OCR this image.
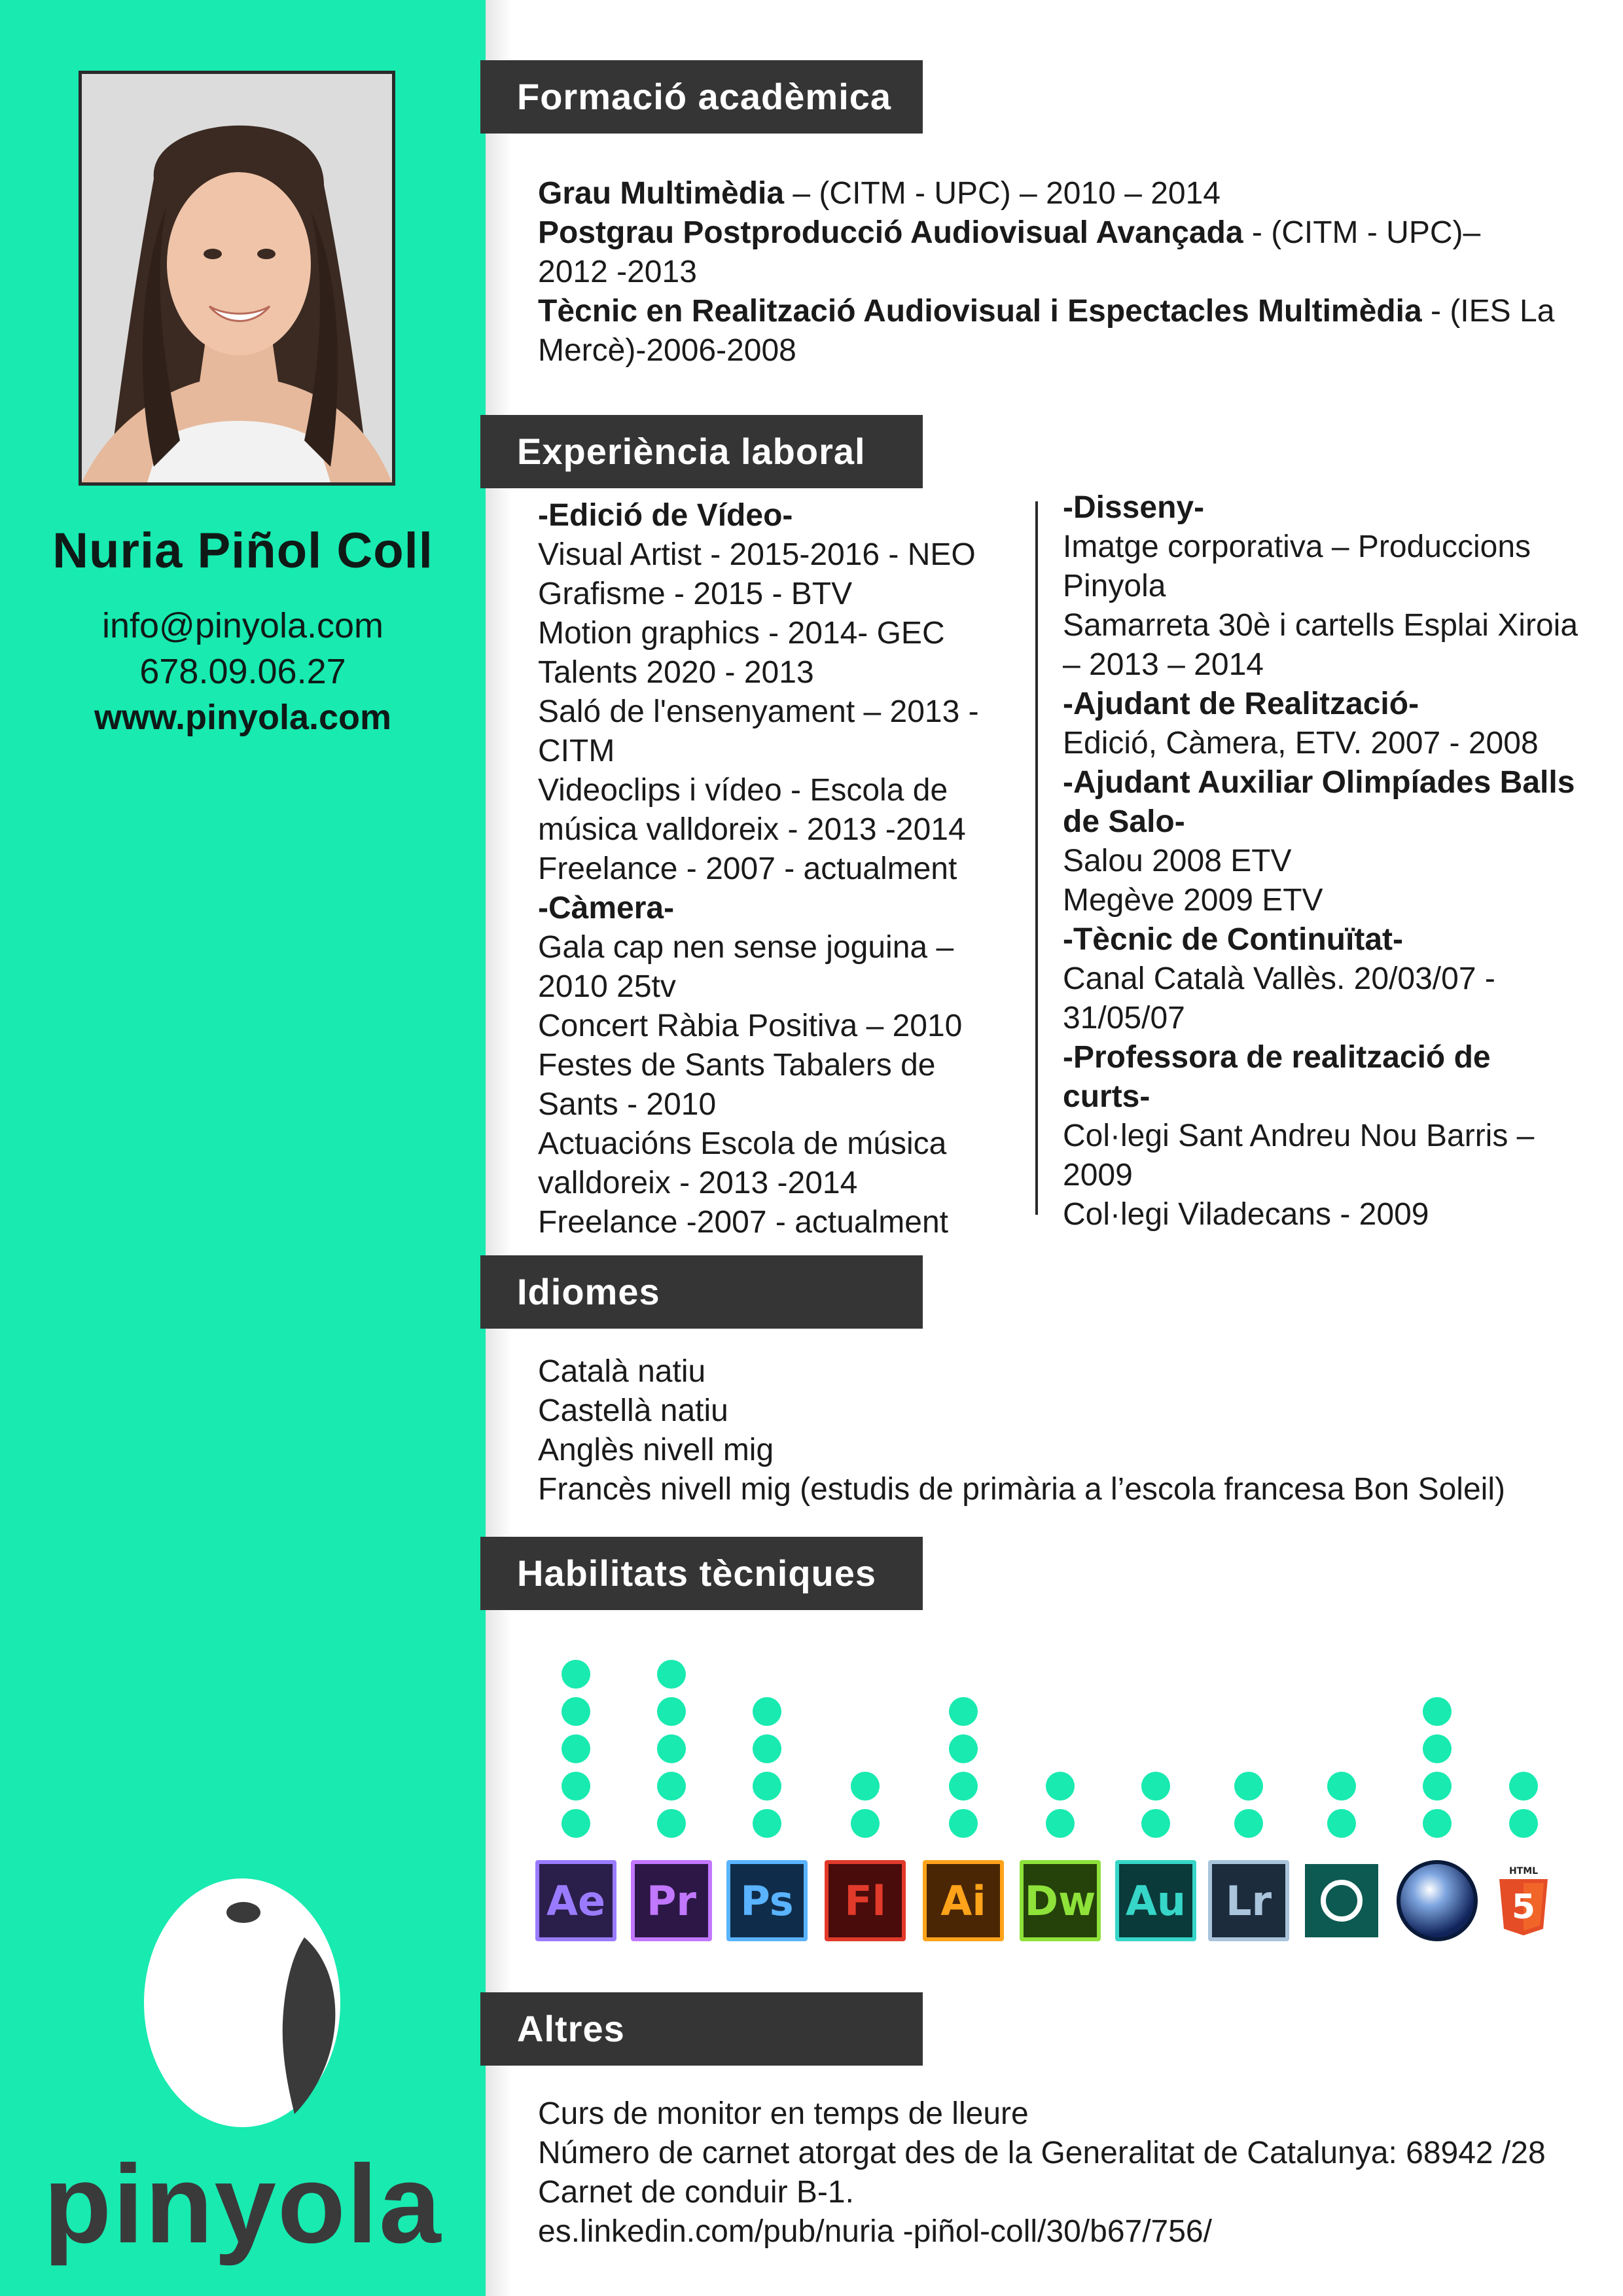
Nuria Piñol Coll
info@pinyola.com
678.09.06.27
www.pinyola.com
pinyola
Formació acadèmica

Grau Multimèdia – (CITM - UPC) – 2010 – 2014

Postgrau Postproducció Audiovisual Avançada - (CITM - UPC)– 2012 -2013

Tècnic en Realització Audiovisual i Espectacles Multimèdia - (IES La Mercè)-2006-2008

Experiència laboral

-Edició de Vídeo-

Visual Artist - 2015-2016 - NEO

Grafisme - 2015 - BTV

Motion graphics - 2014- GEC Talents 2020 - 2013

Saló de l'ensenyament – 2013 - CITM

Videoclips i vídeo - Escola de música valldoreix - 2013 -2014

Freelance - 2007 - actualment

-Càmera-

Gala cap nen sense joguina – 2010 25tv

Concert Ràbia Positiva – 2010

Festes de Sants Tabalers de Sants - 2010

Actuacións Escola de música valldoreix - 2013 -2014

Freelance -2007 - actualment

-Disseny-

Imatge corporativa – Produccions Pinyola

Samarreta 30è i cartells Esplai Xiroia – 2013 – 2014

-Ajudant de Realització-

Edició, Càmera, ETV. 2007 - 2008

-Ajudant Auxiliar Olimpíades Balls de Salo-

Salou 2008 ETV

Megève 2009 ETV

-Tècnic de Continuïtat-

Canal Català Vallès. 20/03/07 - 31/05/07

-Professora de realització de curts-

Col·legi Sant Andreu Nou Barris – 2009

Col·legi Viladecans - 2009

Idiomes

Català natiu

Castellà natiu

Anglès nivell mig

Francès nivell mig (estudis de primària a l’escola francesa Bon Soleil)

Habilitats tècniques
Ae	Pr	Ps	Fl	Ai Dw Au Lr
HTML
5
Altres

Curs de monitor en temps de lleure

Número de carnet atorgat des de la Generalitat de Catalunya: 68942 /28

Carnet de conduir B-1.

es.linkedin.com/pub/nuria -piñol-coll/30/b67/756/
